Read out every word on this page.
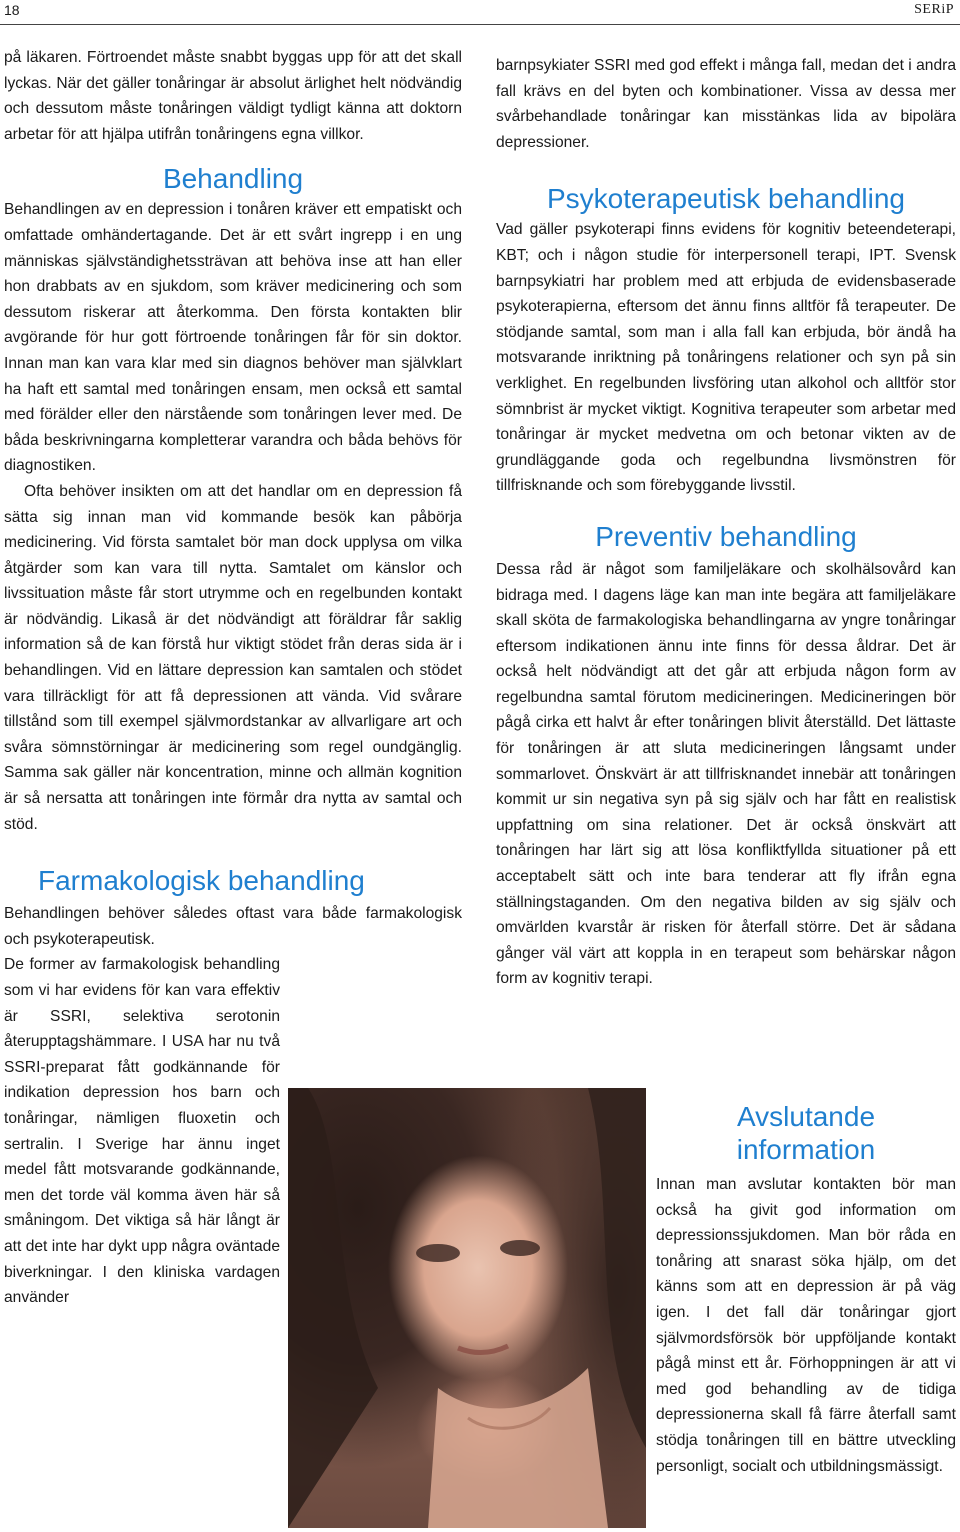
18	SERiP

på läkaren. Förtroendet måste snabbt byggas upp för att det skall lyckas. När det gäller tonåringar är absolut ärlighet helt nödvändig och dessutom måste tonåringen väldigt tydligt känna att doktorn arbetar för att hjälpa utifrån tonåringens egna villkor.

Behandling

Behandlingen av en depression i tonåren kräver ett empatiskt och omfattade omhändertagande. Det är ett svårt ingrepp i en ung människas självständighetssträvan att behöva inse att han eller hon drabbats av en sjukdom, som kräver medicinering och som dessutom riskerar att återkomma. Den första kontakten blir avgörande för hur gott förtroende tonåringen får för sin doktor. Innan man kan vara klar med sin diagnos behöver man självklart ha haft ett samtal med tonåringen ensam, men också ett samtal med förälder eller den närstående som tonåringen lever med. De båda beskrivningarna kompletterar varandra och båda behövs för diagnostiken.

Ofta behöver insikten om att det handlar om en depression få sätta sig innan man vid kommande besök kan påbörja medicinering. Vid första samtalet bör man dock upplysa om vilka åtgärder som kan vara till nytta. Samtalet om känslor och livssituation måste får stort utrymme och en regelbunden kontakt är nödvändig. Likaså är det nödvändigt att föräldrar får saklig information så de kan förstå hur viktigt stödet från deras sida är i behandlingen. Vid en lättare depression kan samtalen och stödet vara tillräckligt för att få depressionen att vända. Vid svårare tillstånd som till exempel självmordstankar av allvarligare art och svåra sömnstörningar är medicinering som regel oundgänglig. Samma sak gäller när koncentration, minne och allmän kognition är så nersatta att tonåringen inte förmår dra nytta av samtal och stöd.

Farmakologisk behandling

Behandlingen behöver således oftast vara både farmakologisk och psykoterapeutisk.

De former av farmakologisk behandling som vi har evidens för kan vara effektiv är SSRI, selektiva serotonin återupptagshämmare. I USA har nu två SSRI-preparat fått godkännande för indikation depression hos barn och tonåringar, nämligen fluoxetin och sertralin. I Sverige har ännu inget medel fått motsvarande godkännande, men det torde väl komma även här så småningom. Det viktiga så här långt är att det inte har dykt upp några oväntade biverkningar. I den kliniska vardagen använder

barnpsykiater SSRI med god effekt i många fall, medan det i andra fall krävs en del byten och kombinationer. Vissa av dessa mer svårbehandlade tonåringar kan misstänkas lida av bipolära depressioner.

Psykoterapeutisk behandling

Vad gäller psykoterapi finns evidens för kognitiv beteendeterapi, KBT; och i någon studie för interpersonell terapi, IPT. Svensk barnpsykiatri har problem med att erbjuda de evidensbaserade psykoterapierna, eftersom det ännu finns alltför få terapeuter. De stödjande samtal, som man i alla fall kan erbjuda, bör ändå ha motsvarande inriktning på tonåringens relationer och syn på sin verklighet. En regelbunden livsföring utan alkohol och alltför stor sömnbrist är mycket viktigt. Kognitiva terapeuter som arbetar med tonåringar är mycket medvetna om och betonar vikten av de grundläggande goda och regelbundna livsmönstren för tillfrisknande och som förebyggande livsstil.

Preventiv behandling

Dessa råd är något som familjeläkare och skolhälsovård kan bidraga med. I dagens läge kan man inte begära att familjeläkare skall sköta de farmakologiska behandlingarna av yngre tonåringar eftersom indikationen ännu inte finns för dessa åldrar. Det är också helt nödvändigt att det går att erbjuda någon form av regelbundna samtal förutom medicineringen. Medicineringen bör pågå cirka ett halvt år efter tonåringen blivit återställd. Det lättaste för tonåringen är att sluta medicineringen långsamt under sommarlovet. Önskvärt är att tillfrisknandet innebär att tonåringen kommit ur sin negativa syn på sig själv och har fått en realistisk uppfattning om sina relationer. Det är också önskvärt att tonåringen har lärt sig att lösa konfliktfyllda situationer på ett acceptabelt sätt och inte bara tenderar att fly ifrån egna ställningstaganden. Om den negativa bilden av sig själv och omvärlden kvarstår är risken för återfall större. Det är sådana gånger väl värt att koppla in en terapeut som behärskar någon form av kognitiv terapi.

Avslutande
information

Innan man avslutar kontakten bör man också ha givit god information om depressionssjukdomen. Man bör råda en tonåring att snarast söka hjälp, om det känns som att en depression är på väg igen. I det fall där tonåringar gjort självmordsförsök bör uppföljande kontakt pågå minst ett år. Förhoppningen är att vi med god behandling av de tidiga depressionerna skall få färre återfall samt stödja tonåringen till en bättre utveckling personligt, socialt och utbildningsmässigt.
